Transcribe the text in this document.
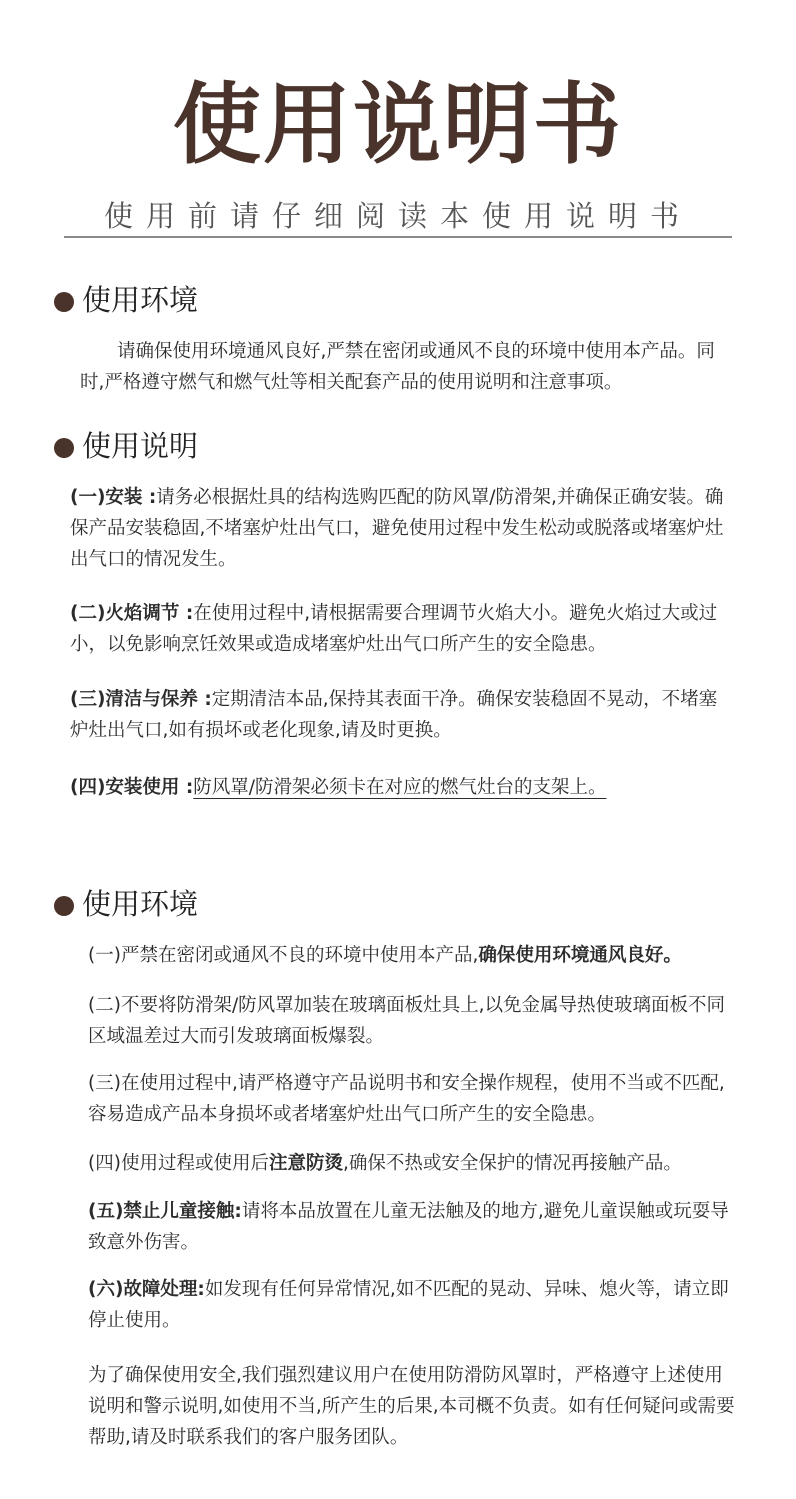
使用说明书
使用前请仔细阅读本使用说明书
使用环境
请确保使用环境通风良好,严禁在密闭或通风不良的环境中使用本产品。同时,严格遵守燃气和燃气灶等相关配套产品的使用说明和注意事项。
使用说明
(一)安装 :请务必根据灶具的结构选购匹配的防风罩/防滑架,并确保正确安装。确保产品安装稳固,不堵塞炉灶出气口，避免使用过程中发生松动或脱落或堵塞炉灶出气口的情况发生。
(二)火焰调节 :在使用过程中,请根据需要合理调节火焰大小。避免火焰过大或过小，以免影响烹饪效果或造成堵塞炉灶出气口所产生的安全隐患。
(三)清洁与保养 :定期清洁本品,保持其表面干净。确保安装稳固不晃动，不堵塞炉灶出气口,如有损坏或老化现象,请及时更换。
(四)安装使用 :防风罩/防滑架必须卡在对应的燃气灶台的支架上。
使用环境
(一)严禁在密闭或通风不良的环境中使用本产品,确保使用环境通风良好。
(二)不要将防滑架/防风罩加装在玻璃面板灶具上,以免金属导热使玻璃面板不同区域温差过大而引发玻璃面板爆裂。
(三)在使用过程中,请严格遵守产品说明书和安全操作规程，使用不当或不匹配,容易造成产品本身损坏或者堵塞炉灶出气口所产生的安全隐患。
(四)使用过程或使用后注意防烫,确保不热或安全保护的情况再接触产品。
(五)禁止儿童接触:请将本品放置在儿童无法触及的地方,避免儿童误触或玩耍导致意外伤害。
(六)故障处理:如发现有任何异常情况,如不匹配的晃动、异味、熄火等，请立即停止使用。
为了确保使用安全,我们强烈建议用户在使用防滑防风罩时，严格遵守上述使用说明和警示说明,如使用不当,所产生的后果,本司概不负责。如有任何疑问或需要帮助,请及时联系我们的客户服务团队。
